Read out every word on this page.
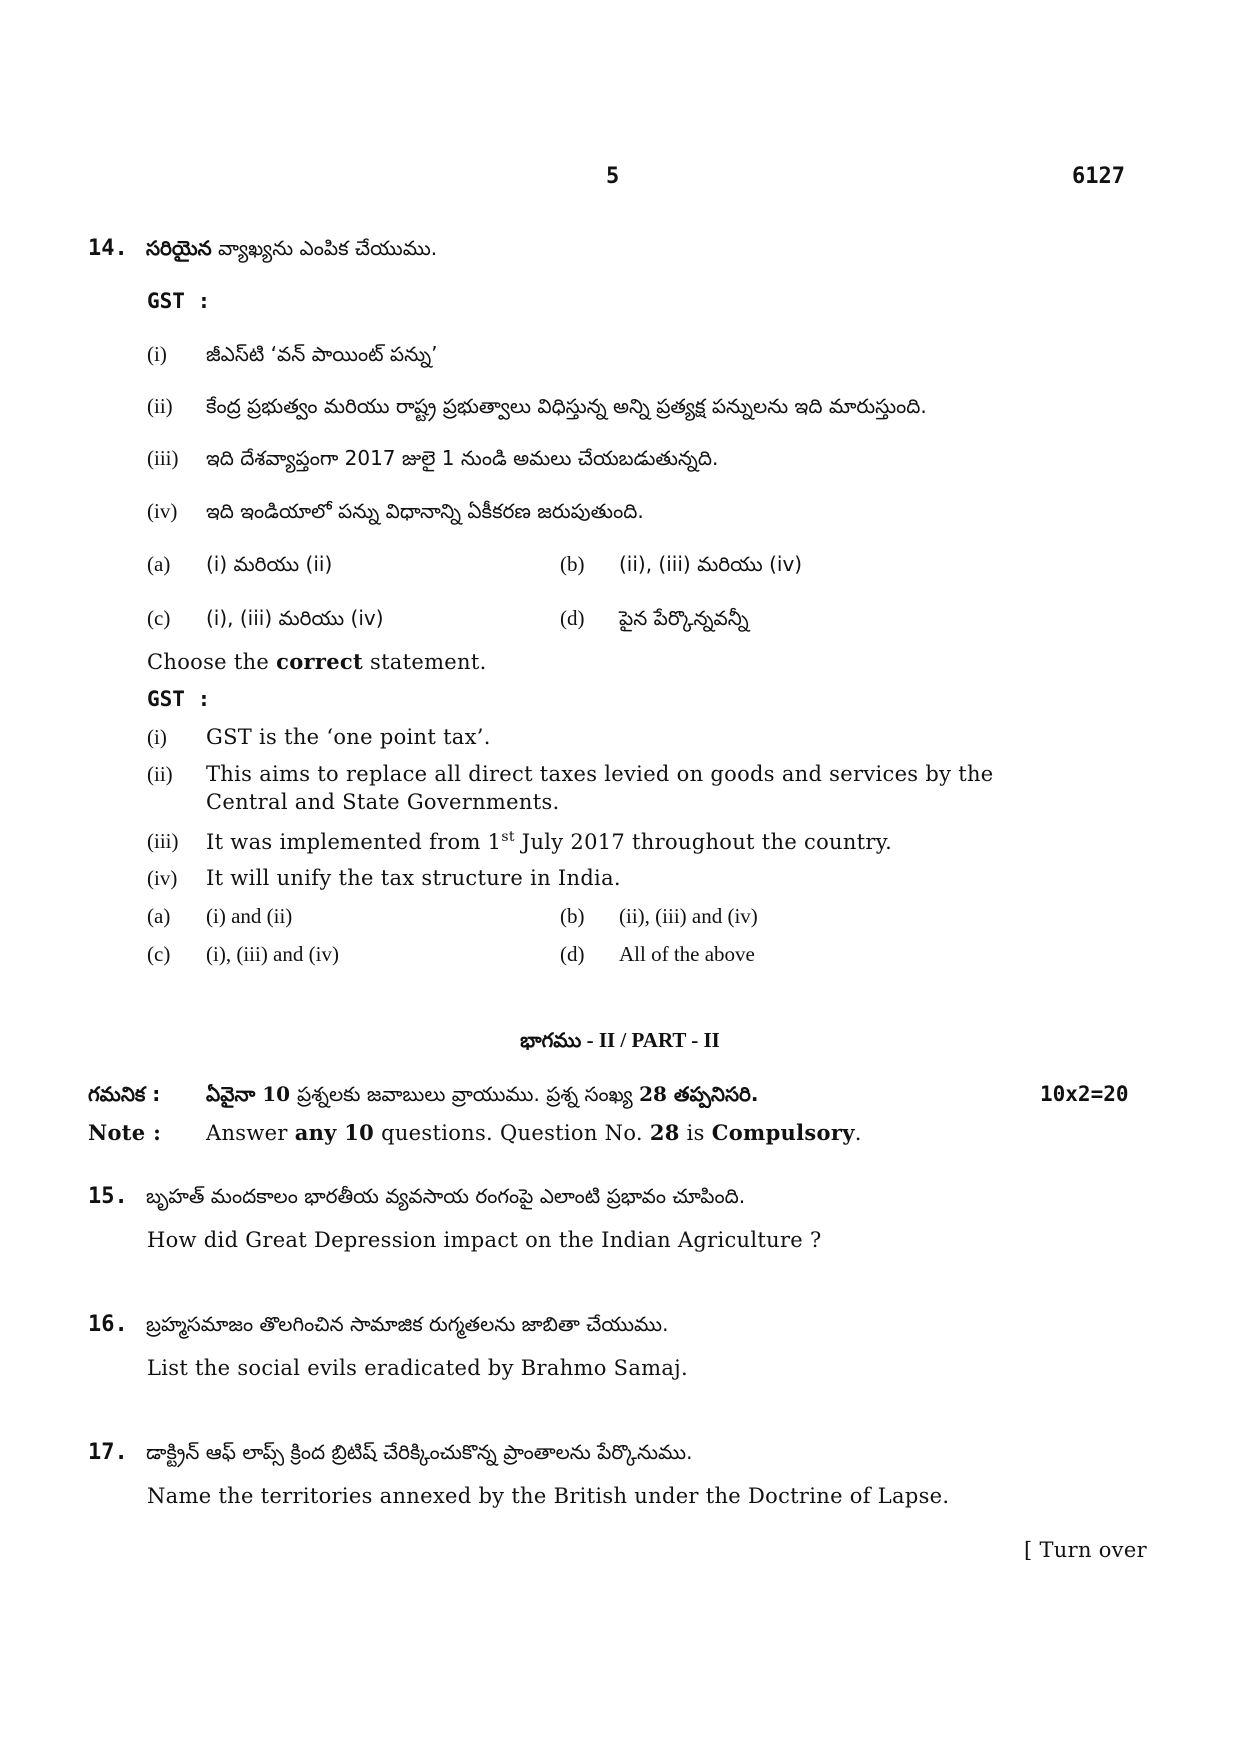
5	6127
14. సరియైన వ్యాఖ్యను ఎంపిక చేయుము.
GST :
(i) జీఎస్‌టి ‘వన్ పాయింట్ పన్ను’
(ii) కేంద్ర ప్రభుత్వం మరియు రాష్ట్ర ప్రభుత్వాలు విధిస్తున్న అన్ని ప్రత్యక్ష పన్నులను ఇది మారుస్తుంది.
(iii) ఇది దేశవ్యాప్తంగా 2017 జులై 1 నుండి అమలు చేయబడుతున్నది.
(iv) ఇది ఇండియాలో పన్ను విధానాన్ని ఏకీకరణ జరుపుతుంది.
(a) (i) మరియు (ii)	(b) (ii), (iii) మరియు (iv)
(c) (i), (iii) మరియు (iv)	(d) పైన పేర్కొన్నవన్నీ
Choose the correct statement.
GST :
(i) GST is the ‘one point tax’.
(ii) This aims to replace all direct taxes levied on goods and services by the
Central and State Governments.
(iii) It was implemented from 1st July 2017 throughout the country.
(iv) It will unify the tax structure in India.
(a) (i) and (ii)	(b) (ii), (iii) and (iv)
(c) (i), (iii) and (iv)	(d) All of the above
భాగము - II / PART - II
గమనిక : ఏవైనా 10 ప్రశ్నలకు జవాబులు వ్రాయుము. ప్రశ్న సంఖ్య 28 తప్పనిసరి.	10x2=20
Note : Answer any 10 questions. Question No. 28 is Compulsory.
15. బృహత్ మందకాలం భారతీయ వ్యవసాయ రంగంపై ఎలాంటి ప్రభావం చూపింది.
How did Great Depression impact on the Indian Agriculture ?
16. బ్రహ్మసమాజం తొలగించిన సామాజిక రుగ్మతలను జాబితా చేయుము.
List the social evils eradicated by Brahmo Samaj.
17. డాక్ట్రిన్ ఆఫ్ లాప్స్ క్రింద బ్రిటిష్ చేరిక్కించుకొన్న ప్రాంతాలను పేర్కొనుము.
Name the territories annexed by the British under the Doctrine of Lapse.
[ Turn over
